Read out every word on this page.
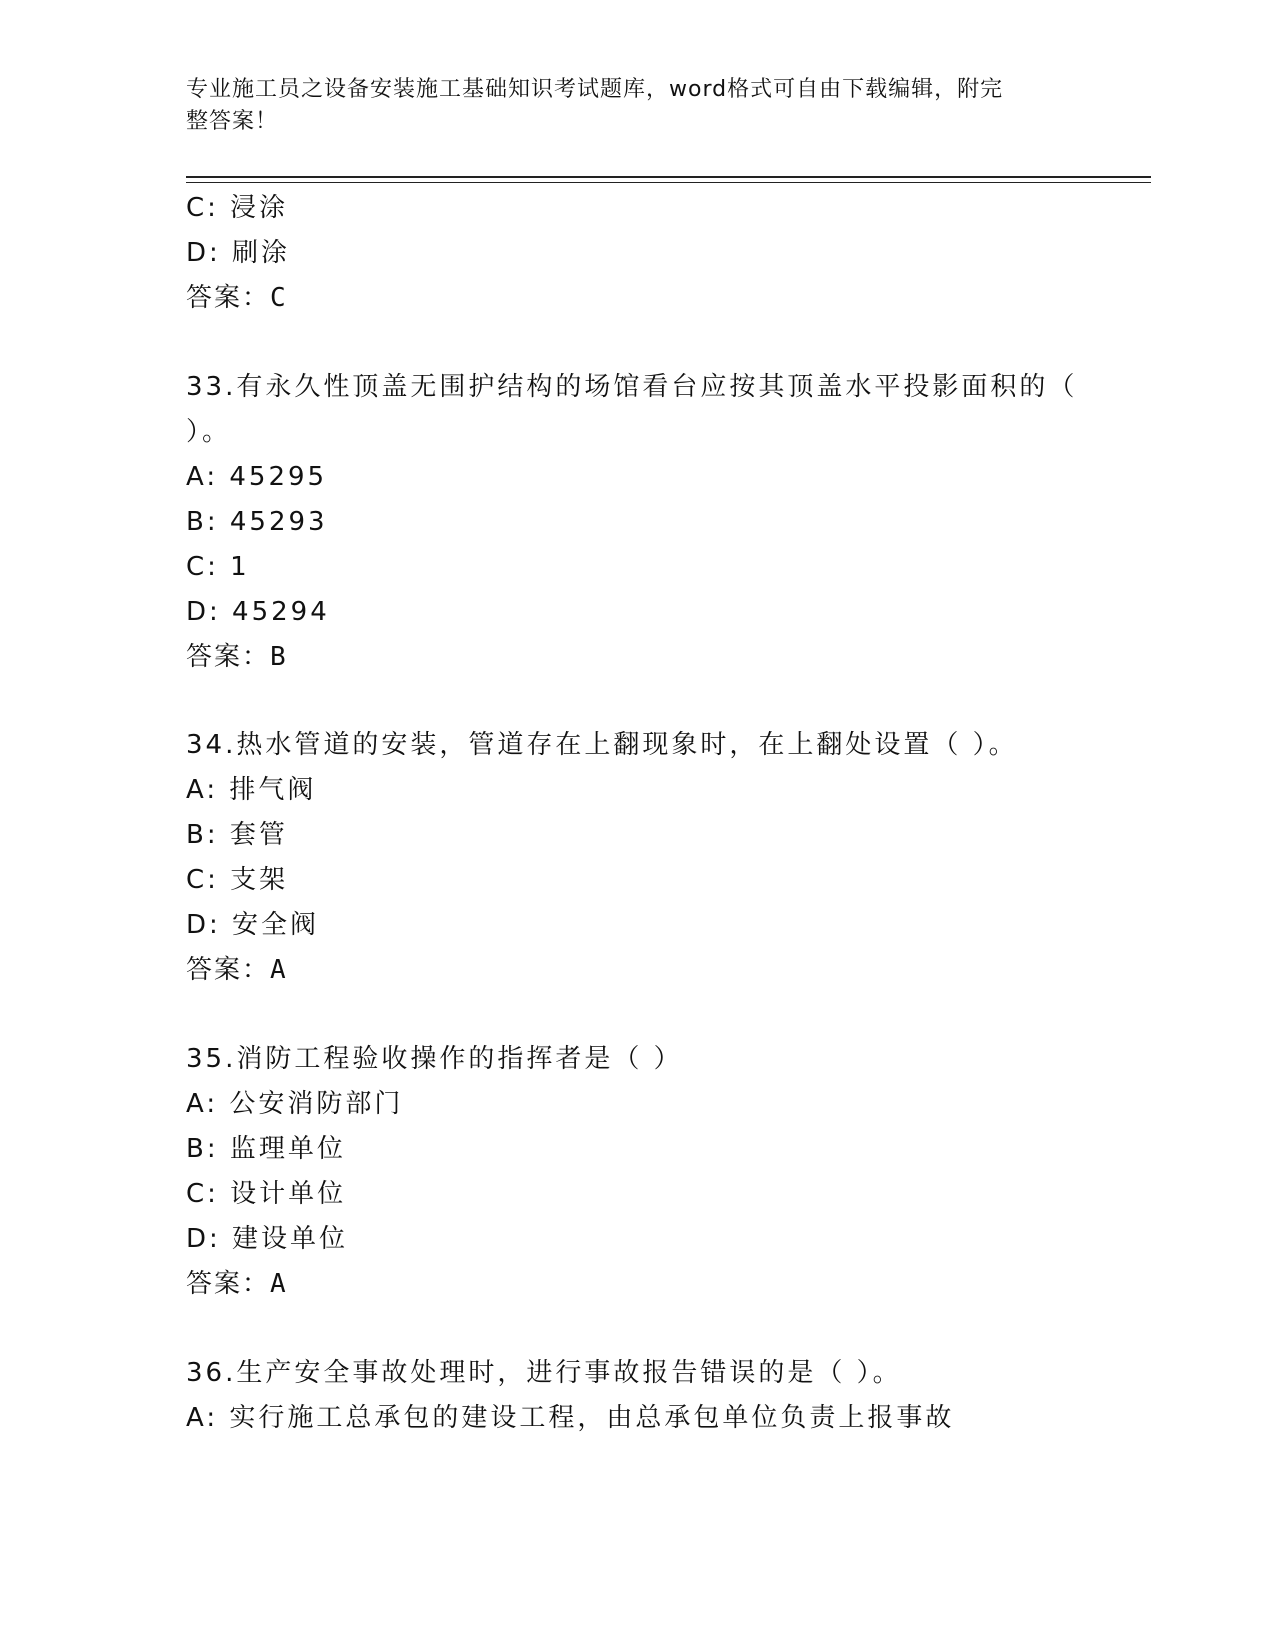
专业施工员之设备安装施工基础知识考试题库，word格式可自由下载编辑，附完
整答案！
C: 浸涂
D: 刷涂
答案：C
33.有永久性顶盖无围护结构的场馆看台应按其顶盖水平投影面积的（
）。
A: 45295
B: 45293
C: 1
D: 45294
答案：B
34.热水管道的安装，管道存在上翻现象时，在上翻处设置（ ）。
A: 排气阀
B: 套管
C: 支架
D: 安全阀
答案：A
35.消防工程验收操作的指挥者是（ ）
A: 公安消防部门
B: 监理单位
C: 设计单位
D: 建设单位
答案：A
36.生产安全事故处理时，进行事故报告错误的是（ ）。
A: 实行施工总承包的建设工程，由总承包单位负责上报事故
